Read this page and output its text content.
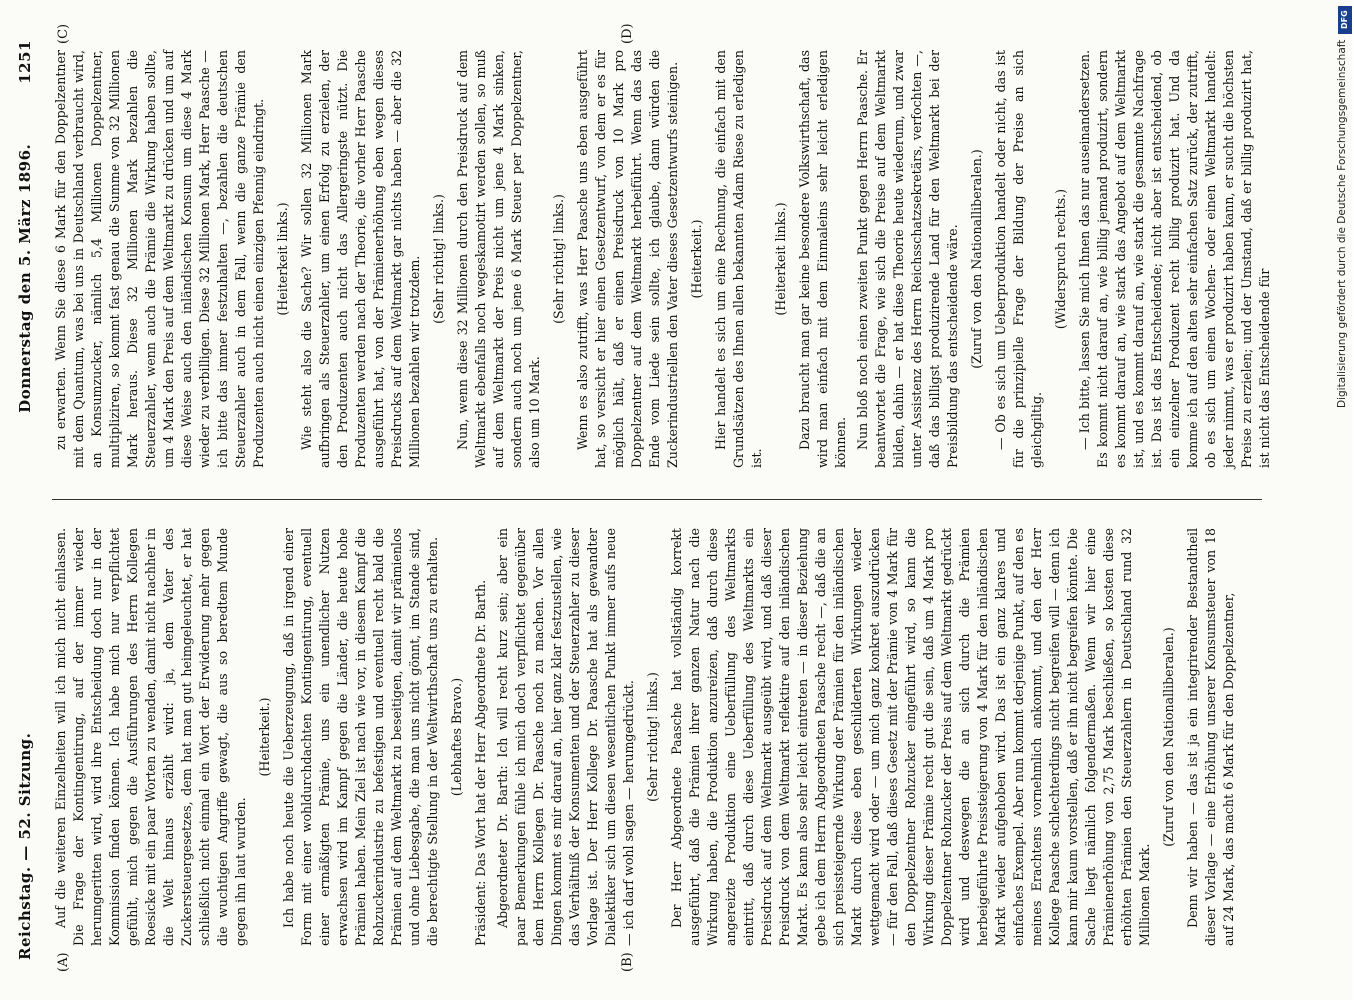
Reichstag. — 52. Sitzung.
Donnerstag den 5. März 1896.
1251
(A)	(B)
(C)	(D)

Auf die weiteren Einzelheiten will ich mich nicht einlassen. Die Frage der Kontingentirung, auf der immer wieder herumgeritten wird, wird ihre Entscheidung doch nur in der Kommission finden können. Ich habe mich nur verpflichtet gefühlt, mich gegen die Ausführungen des Herrn Kollegen Roesicke mit ein paar Worten zu wenden, damit nicht nachher in die Welt hinaus erzählt wird: ja, dem Vater des Zuckersteuergesetzes, dem hat man gut heimgeleuchtet, er hat schließlich nicht einmal ein Wort der Erwiderung mehr gegen die wuchtigen Angriffe gewagt, die aus so beredtem Munde gegen ihn laut wurden.

(Heiterkeit.) Ich habe noch heute die Ueberzeugung, daß in irgend einer Form mit einer wohldurchdachten Kontingentirung, eventuell einer ermäßigten Prämie, uns ein unendlicher Nutzen erwachsen wird im Kampf gegen die Länder, die heute hohe Prämien haben. Mein Ziel ist nach wie vor, in diesem Kampf die Rohzuckerindustrie zu befestigen und eventuell recht bald die Prämien auf dem Weltmarkt zu beseitigen, damit wir prämienlos und ohne Liebesgabe, die man uns nicht gönnt, im Stande sind, die berechtigte Stellung in der Weltwirthschaft uns zu erhalten. (Lebhaftes Bravo.) Präsident: Das Wort hat der Herr Abgeordnete Dr. Barth. Abgeordneter Dr. Barth: Ich will recht kurz sein; aber ein paar Bemerkungen fühle ich mich doch verpflichtet gegenüber dem Herrn Kollegen Dr. Paasche noch zu machen. Vor allen Dingen kommt es mir darauf an, hier ganz klar festzustellen, wie das Verhältniß der Konsumenten und der Steuerzahler zu dieser Vorlage ist. Der Herr Kollege Dr. Paasche hat als gewandter Dialektiker sich um diesen wesentlichen Punkt immer aufs neue — ich darf wohl sagen — herumgedrückt. (Sehr richtig! links.) Der Herr Abgeordnete Paasche hat vollständig korrekt ausgeführt, daß die Prämien ihrer ganzen Natur nach die Wirkung haben, die Produktion anzureizen, daß durch diese angereizte Produktion eine Ueberfüllung des Weltmarkts eintritt, daß durch diese Ueberfüllung des Weltmarkts ein Preisdruck auf dem Weltmarkt ausgeübt wird, und daß dieser Preisdruck von dem Weltmarkt reflektire auf den inländischen Markt. Es kann also sehr leicht eintreten — in dieser Beziehung gebe ich dem Herrn Abgeordneten Paasche recht —, daß die an sich preissteigernde Wirkung der Prämien für den inländischen Markt durch diese eben geschilderten Wirkungen wieder wettgemacht wird oder — um mich ganz konkret auszudrücken — für den Fall, daß dieses Gesetz mit der Prämie von 4 Mark für den Doppelzentner Rohzucker eingeführt wird, so kann die Wirkung dieser Prämie recht gut die sein, daß um 4 Mark pro Doppelzentner Rohzucker der Preis auf dem Weltmarkt gedrückt wird und deswegen die an sich durch die Prämien herbeigeführte Preissteigerung von 4 Mark für den inländischen Markt wieder aufgehoben wird. Das ist ein ganz klares und einfaches Exempel. Aber nun kommt derjenige Punkt, auf den es meines Erachtens vornehmlich ankommt, und den der Herr Kollege Paasche schlechterdings nicht begreifen will — denn ich kann mir kaum vorstellen, daß er ihn nicht begreifen könnte. Die Sache liegt nämlich folgendermaßen. Wenn wir hier eine Prämienerhöhung von 2,75 Mark beschließen, so kosten diese erhöhten Prämien den Steuerzahlern in Deutschland rund 32 Millionen Mark.

(Zuruf von den Nationalliberalen.) Denn wir haben — das ist ja ein integrirender Bestandtheil dieser Vorlage — eine Erhöhung unserer Konsumsteuer von 18 auf 24 Mark, das macht 6 Mark für den Doppelzentner,

zu erwarten. Wenn Sie diese 6 Mark für den Doppelzentner mit dem Quantum, was bei uns in Deutschland verbraucht wird, an Konsumzucker, nämlich 5,4 Millionen Doppelzentner, multipliziren, so kommt fast genau die Summe von 32 Millionen Mark heraus. Diese 32 Millionen Mark bezahlen die Steuerzahler, wenn auch die Prämie die Wirkung haben sollte, um 4 Mark den Preis auf dem Weltmarkt zu drücken und um auf diese Weise auch den inländischen Konsum um diese 4 Mark wieder zu verbilligen. Diese 32 Millionen Mark, Herr Paasche — ich bitte das immer festzuhalten —, bezahlen die deutschen Steuerzahler auch in dem Fall, wenn die ganze Prämie den Produzenten auch nicht einen einzigen Pfennig eindringt. (Heiterkeit links.) Wie steht also die Sache? Wir sollen 32 Millionen Mark aufbringen als Steuerzahler, um einen Erfolg zu erzielen, der den Produzenten auch nicht das Allergeringste nützt. Die Produzenten werden nach der Theorie, die vorher Herr Paasche ausgeführt hat, von der Prämienerhöhung eben wegen dieses Preisdrucks auf dem Weltmarkt gar nichts haben — aber die 32 Millionen bezahlen wir trotzdem. (Sehr richtig! links.) Nun, wenn diese 32 Millionen durch den Preisdruck auf dem Weltmarkt ebenfalls noch wegeskamotirt werden sollen, so muß auf dem Weltmarkt der Preis nicht um jene 4 Mark sinken, sondern auch noch um jene 6 Mark Steuer per Doppelzentner, also um 10 Mark.

(Sehr richtig! links.) Wenn es also zutrifft, was Herr Paasche uns eben ausgeführt hat, so versicht er hier einen Gesetzentwurf, von dem er es für möglich hält, daß er einen Preisdruck von 10 Mark pro Doppelzentner auf dem Weltmarkt herbeiführt. Wenn das das Ende vom Liede sein sollte, ich glaube, dann würden die Zuckerindustriellen den Vater dieses Gesetzentwurfs steinigen. (Heiterkeit.) Hier handelt es sich um eine Rechnung, die einfach mit den Grundsätzen des Ihnen allen bekannten Adam Riese zu erledigen ist.

(Heiterkeit links.) Dazu braucht man gar keine besondere Volkswirthschaft, das wird man einfach mit dem Einmaleins sehr leicht erledigen können. Nun bloß noch einen zweiten Punkt gegen Herrn Paasche. Er beantwortet die Frage, wie sich die Preise auf dem Weltmarkt bilden, dahin — er hat diese Theorie heute wiederum, und zwar unter Assistenz des Herrn Reichsschatzsekretärs, verfochten —, daß das billigst produzirende Land für den Weltmarkt bei der Preisbildung das entscheidende wäre. (Zuruf von den Nationalliberalen.) — Ob es sich um Ueberproduktion handelt oder nicht, das ist für die prinzipielle Frage der Bildung der Preise an sich gleichgiltig.

(Widerspruch rechts.) — Ich bitte, lassen Sie mich Ihnen das nur auseinandersetzen. Es kommt nicht darauf an, wie billig jemand produzirt, sondern es kommt darauf an, wie stark das Angebot auf dem Weltmarkt ist, und es kommt darauf an, wie stark die gesammte Nachfrage ist. Das ist das Entscheidende; nicht aber ist entscheidend, ob ein einzelner Produzent recht billig produzirt hat. Und da komme ich auf den alten sehr einfachen Satz zurück, der zutrifft, ob es sich um einen Wochen- oder einen Weltmarkt handelt: jeder nimmt, was er produzirt haben kann, er sucht die höchsten Preise zu erzielen; und der Umstand, daß er billig produzirt hat, ist nicht das Entscheidende für

DFG
Digitalisierung gefördert durch die Deutsche Forschungsgemeinschaft
